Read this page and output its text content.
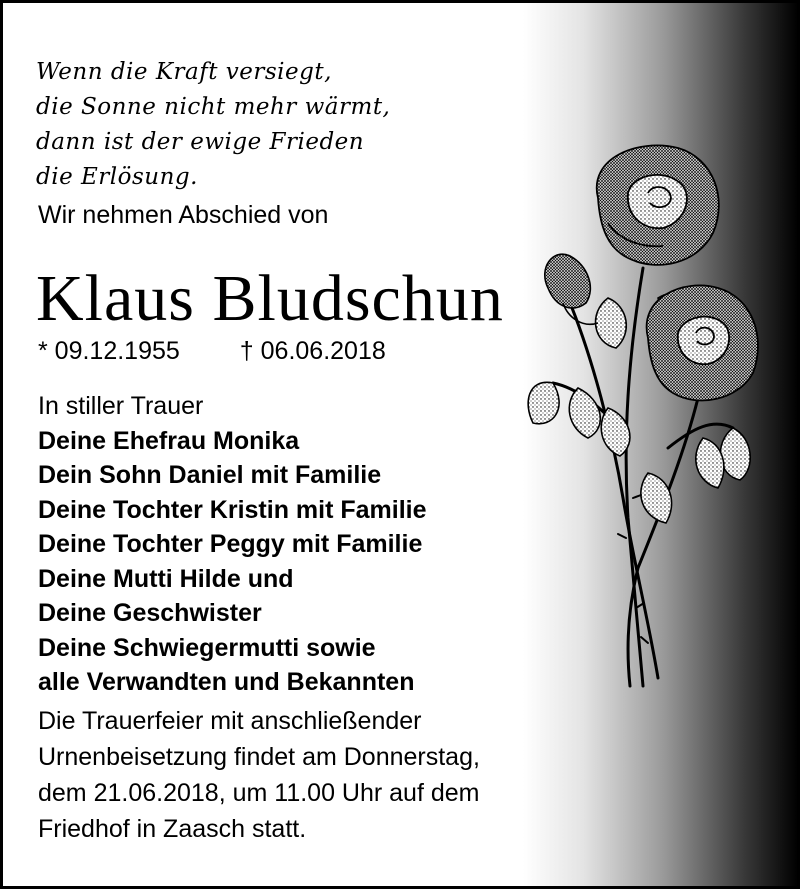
Wenn die Kraft versiegt,
die Sonne nicht mehr wärmt,
dann ist der ewige Frieden
die Erlösung.
Wir nehmen Abschied von
Klaus Bludschun
* 09.12.1955 † 06.06.2018
In stiller Trauer
Deine Ehefrau Monika
Dein Sohn Daniel mit Familie
Deine Tochter Kristin mit Familie
Deine Tochter Peggy mit Familie
Deine Mutti Hilde und
Deine Geschwister
Deine Schwiegermutti sowie
alle Verwandten und Bekannten
Die Trauerfeier mit anschließender
Urnenbeisetzung findet am Donnerstag,
dem 21.06.2018, um 11.00 Uhr auf dem
Friedhof in Zaasch statt.
